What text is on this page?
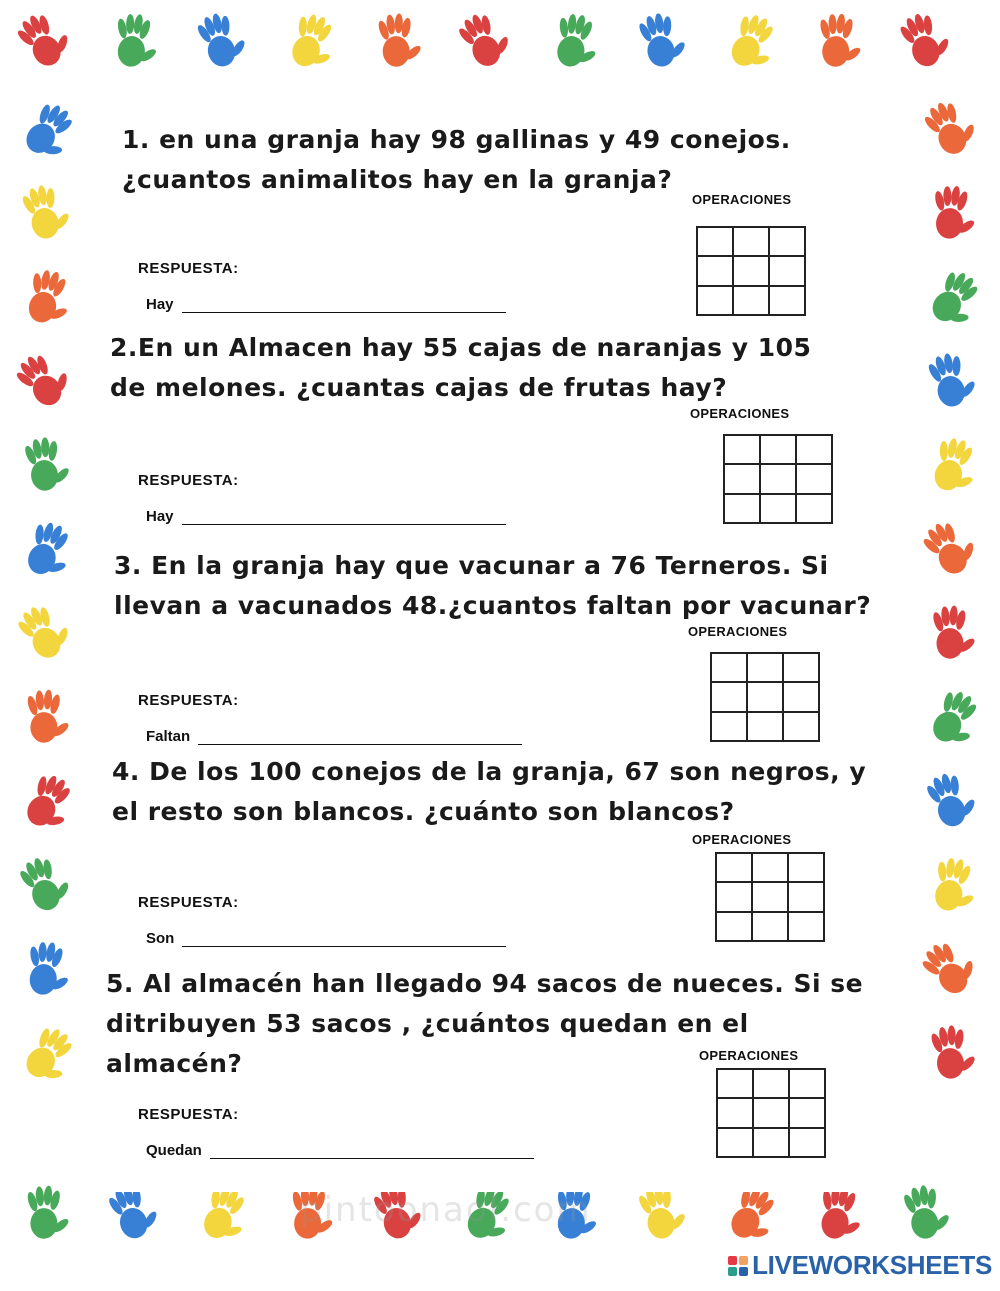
1. en una granja hay 98 gallinas y 49 conejos. ¿cuantos animalitos hay en la granja?
OPERACIONES
RESPUESTA:
Hay
2.En un Almacen hay 55 cajas de naranjas y 105 de melones. ¿cuantas cajas de frutas hay?
OPERACIONES
RESPUESTA:
Hay
3. En la granja hay que vacunar a 76 Terneros. Si llevan a vacunados 48.¿cuantos faltan por vacunar?
OPERACIONES
RESPUESTA:
Faltan
4. De los 100 conejos de la granja, 67 son negros, y el resto son blancos. ¿cuánto son blancos?
OPERACIONES
RESPUESTA:
Son
5. Al almacén han llegado 94 sacos de nueces. Si se ditribuyen 53 sacos , ¿cuántos quedan en el almacén?	OPERACIONES
RESPUESTA:
Quedan
pintoonaol.com
LIVEWORKSHEETS
